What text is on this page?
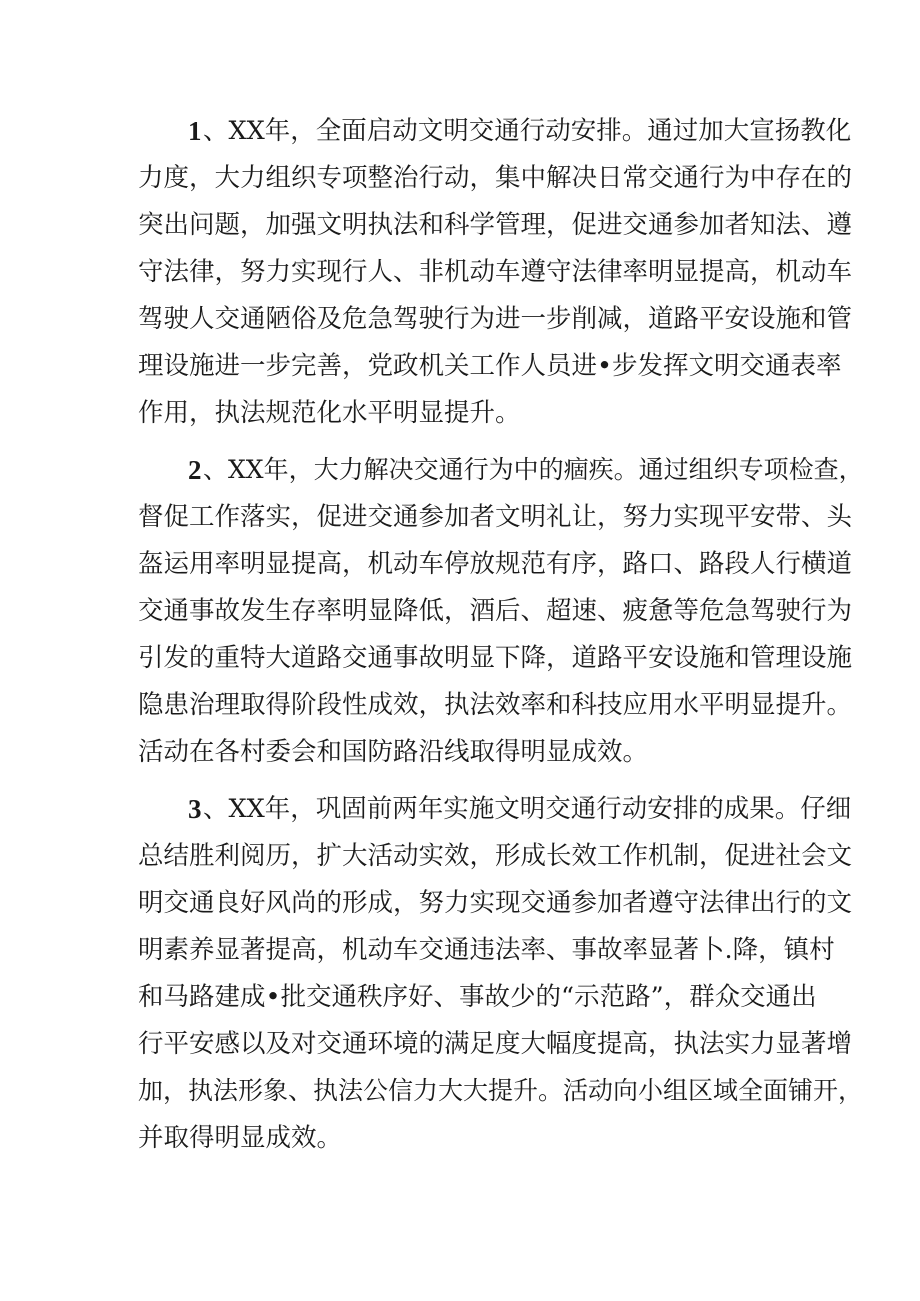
1 、XX年，全面启动文明交通行动安排。通过加大宣扬教化
力度，大力组织专项整治行动，集中解决日常交通行为中存在的
突出问题，加强文明执法和科学管理，促进交通参加者知法、遵
守法律，努力实现行人、非机动车遵守法律率明显提高，机动车
驾驶人交通陋俗及危急驾驶行为进一步削减，道路平安设施和管
理设施进一步完善，党政机关工作人员进•步发挥文明交通表率
作用，执法规范化水平明显提升。
2 、XX年，大力解决交通行为中的痼疾。通过组织专项检查，
督促工作落实，促进交通参加者文明礼让，努力实现平安带、头
盔运用率明显提高，机动车停放规范有序，路口、路段人行横道
交通事故发生存率明显降低，酒后、超速、疲惫等危急驾驶行为
引发的重特大道路交通事故明显下降，道路平安设施和管理设施
隐患治理取得阶段性成效，执法效率和科技应用水平明显提升。
活动在各村委会和国防路沿线取得明显成效。
3 、XX年，巩固前两年实施文明交通行动安排的成果。仔细
总结胜利阅历，扩大活动实效，形成长效工作机制，促进社会文
明交通良好风尚的形成，努力实现交通参加者遵守法律出行的文
明素养显著提高，机动车交通违法率、事故率显著卜.降，镇村
和马路建成•批交通秩序好、事故少的“示范路”，群众交通出
行平安感以及对交通环境的满足度大幅度提高，执法实力显著增
加，执法形象、执法公信力大大提升。活动向小组区域全面铺开，
并取得明显成效。
